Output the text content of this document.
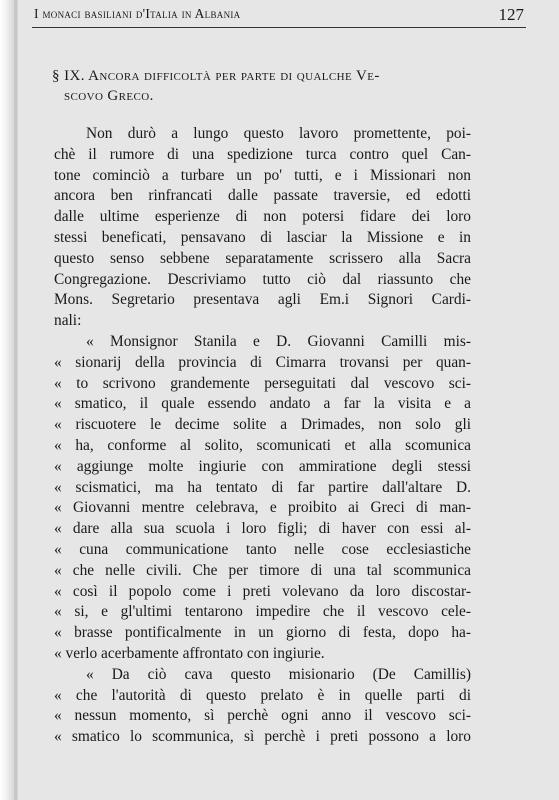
I monaci basiliani d'Italia in Albania	127
§ IX. Ancora difficoltà per parte di qualche Ve-
scovo Greco.
Non durò a lungo questo lavoro promettente, poi-
chè il rumore di una spedizione turca contro quel Can-
tone cominciò a turbare un po' tutti, e i Missionari non
ancora ben rinfrancati dalle passate traversie, ed edotti
dalle ultime esperienze di non potersi fidare dei loro
stessi beneficati, pensavano di lasciar la Missione e in
questo senso sebbene separatamente scrissero alla Sacra
Congregazione. Descriviamo tutto ciò dal riassunto che
Mons. Segretario presentava agli Em.i Signori Cardi-
nali:
« Monsignor Stanila e D. Giovanni Camilli mis-
« sionarij della provincia di Cimarra trovansi per quan-
« to scrivono grandemente perseguitati dal vescovo sci-
« smatico, il quale essendo andato a far la visita e a
« riscuotere le decime solite a Drimades, non solo gli
« ha, conforme al solito, scomunicati et alla scomunica
« aggiunge molte ingiurie con ammiratione degli stessi
« scismatici, ma ha tentato di far partire dall'altare D.
« Giovanni mentre celebrava, e proibito ai Greci di man-
« dare alla sua scuola i loro figli; di haver con essi al-
« cuna communicatione tanto nelle cose ecclesiastiche
« che nelle civili. Che per timore di una tal scommunica
« così il popolo come i preti volevano da loro discostar-
« si, e gl'ultimi tentarono impedire che il vescovo cele-
« brasse pontificalmente in un giorno di festa, dopo ha-
« verlo acerbamente affrontato con ingiurie.
« Da ciò cava questo misionario (De Camillis)
« che l'autorità di questo prelato è in quelle parti di
« nessun momento, sì perchè ogni anno il vescovo sci-
« smatico lo scommunica, sì perchè i preti possono a loro
